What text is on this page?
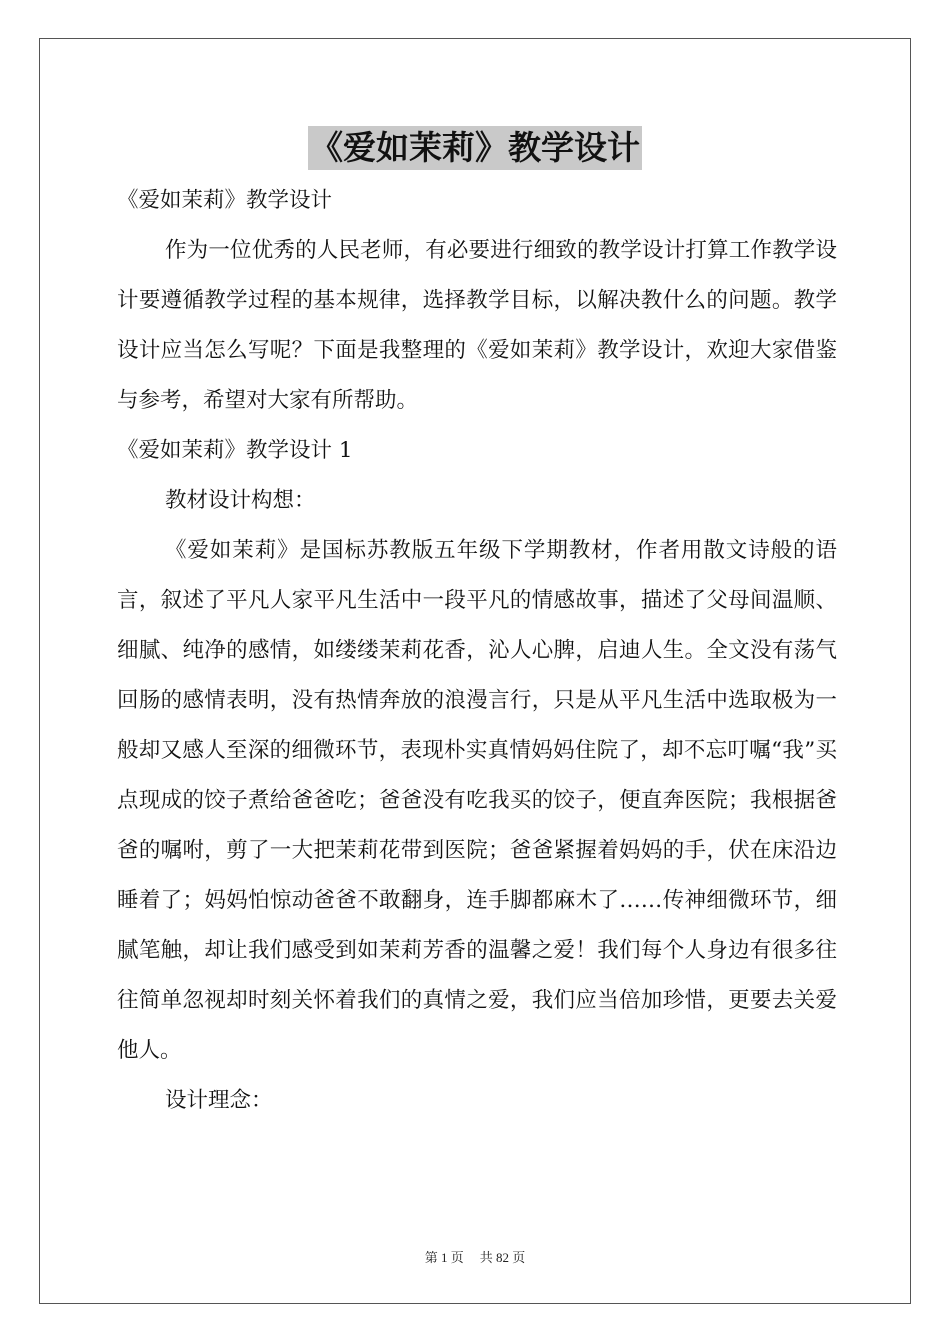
《爱如茉莉》教学设计

《爱如茉莉》教学设计

作为一位优秀的人民老师，有必要进行细致的教学设计打算工作教学设计要遵循教学过程的基本规律，选择教学目标，以解决教什么的问题。教学设计应当怎么写呢？下面是我整理的《爱如茉莉》教学设计，欢迎大家借鉴与参考，希望对大家有所帮助。

《爱如茉莉》教学设计 1

教材设计构想：

《爱如茉莉》是国标苏教版五年级下学期教材，作者用散文诗般的语言，叙述了平凡人家平凡生活中一段平凡的情感故事，描述了父母间温顺、细腻、纯净的感情，如缕缕茉莉花香，沁人心脾，启迪人生。全文没有荡气回肠的感情表明，没有热情奔放的浪漫言行，只是从平凡生活中选取极为一般却又感人至深的细微环节，表现朴实真情妈妈住院了，却不忘叮嘱“我”买点现成的饺子煮给爸爸吃；爸爸没有吃我买的饺子，便直奔医院；我根据爸爸的嘱咐，剪了一大把茉莉花带到医院；爸爸紧握着妈妈的手，伏在床沿边睡着了；妈妈怕惊动爸爸不敢翻身，连手脚都麻木了……传神细微环节，细腻笔触，却让我们感受到如茉莉芳香的温馨之爱！我们每个人身边有很多往往简单忽视却时刻关怀着我们的真情之爱，我们应当倍加珍惜，更要去关爱他人。

设计理念：

第 1 页 共 82 页
